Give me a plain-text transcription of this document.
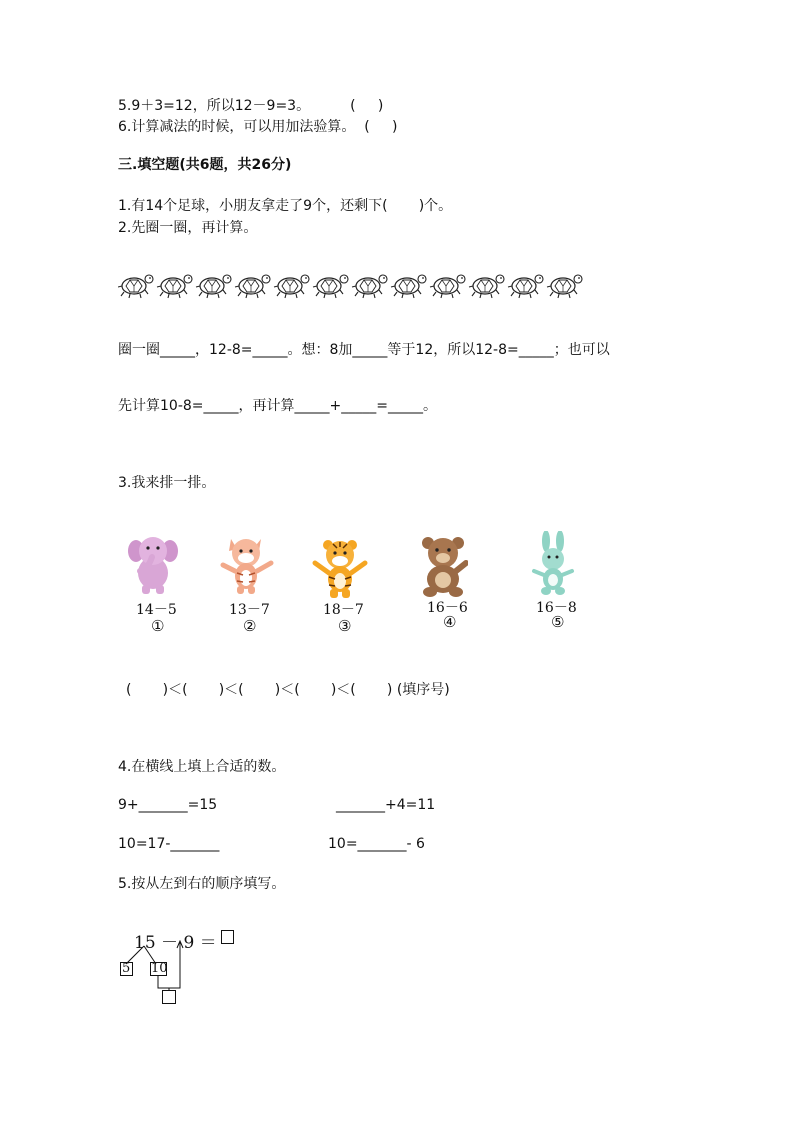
5.9＋3=12，所以12－9=3。         (     )
6.计算减法的时候，可以用加法验算。  (     )
三.填空题(共6题，共26分)
1.有14个足球，小朋友拿走了9个，还剩下(       )个。
2.先圈一圈，再计算。
圈一圈_____，12-8=_____。想：8加_____等于12，所以12-8=_____；也可以
先计算10-8=_____，再计算_____+_____=_____。
3.我来排一排。
14－5	13－7	18－7	16－6	16－8
①	②	③	④	⑤
(       )＜(       )＜(       )＜(       )＜(       ) (填序号)
4.在横线上填上合适的数。
9+_______=15	_______+4=11
10=17-_______	10=_______- 6
5.按从左到右的顺序填写。
15 － 9 ＝
5 10
